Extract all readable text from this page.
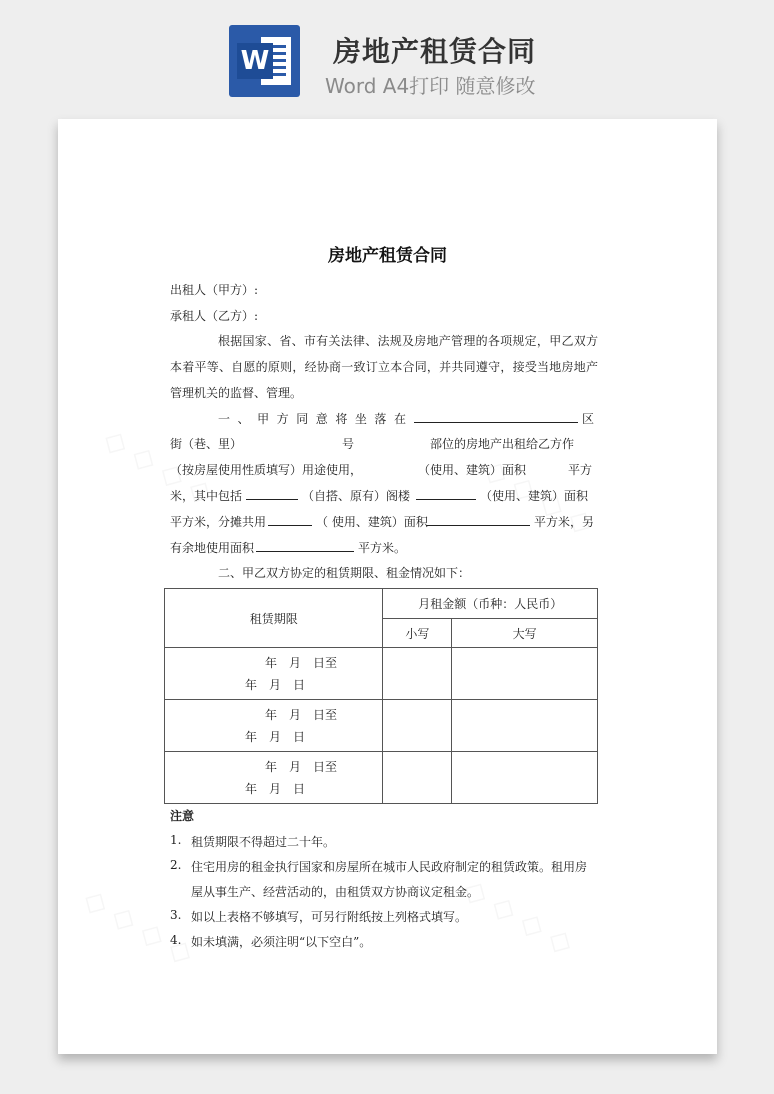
W 房地产租赁合同
Word A4打印 随意修改
房地产租赁合同
出租人（甲方）:
承租人（乙方）:
根据国家、省、市有关法律、法规及房地产管理的各项规定，甲乙双方
本着平等、自愿的原则，经协商一致订立本合同，并共同遵守，接受当地房地产
管理机关的监督、管理。
一、甲方同意将坐落在	区
街（巷、里）	号	部位的房地产出租给乙方作
（按房屋使用性质填写）用途使用，	（使用、建筑）面积	平方
米，其中包括	（自搭、原有）阁楼	（使用、建筑）面积
平方米，分摊共用	（ 使用、建筑）面积	平方米，另
有余地使用面积	平方米。
二、甲乙双方协定的租赁期限、租金情况如下：
租赁期限	月租金额（币种：人民币）	
	小写	大写

年　月　日至
年　月　日		

年　月　日至
年　月　日		

年　月　日至
年　月　日		

注意
1. 租赁期限不得超过二十年。
2. 住宅用房的租金执行国家和房屋所在城市人民政府制定的租赁政策。租用房
屋从事生产、经营活动的，由租赁双方协商议定租金。
3. 如以上表格不够填写，可另行附纸按上列格式填写。
4. 如未填满，必须注明“以下空白”。
